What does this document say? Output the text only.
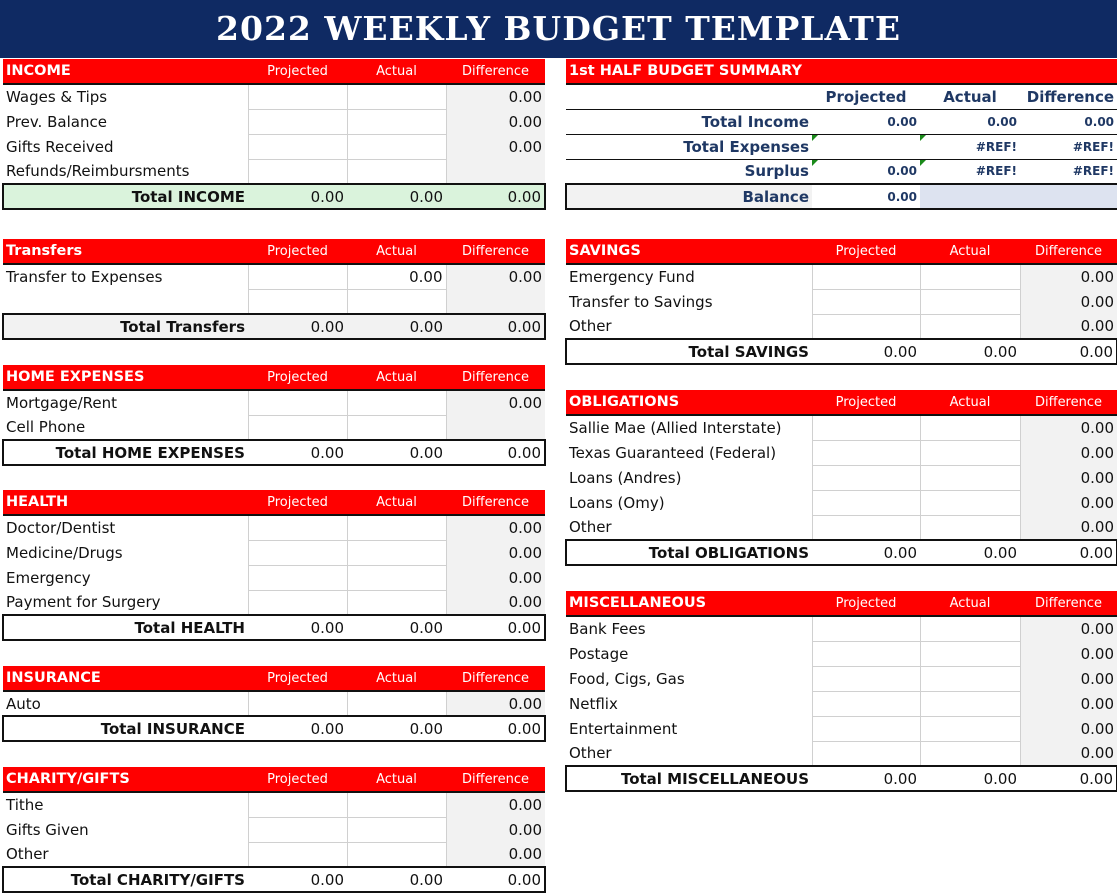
2022 WEEKLY BUDGET TEMPLATE
INCOME	Projected	Actual	Difference
Wages & Tips			0.00
Prev. Balance			0.00
Gifts Received			0.00
Refunds/Reimbursments			
Total INCOME	0.00	0.00	0.00
Transfers	Projected	Actual	Difference
Transfer to Expenses		0.00	0.00

Total Transfers	0.00	0.00	0.00
HOME EXPENSES	Projected	Actual	Difference
Mortgage/Rent			0.00
Cell Phone			
Total HOME EXPENSES	0.00	0.00	0.00
HEALTH	Projected	Actual	Difference
Doctor/Dentist			0.00
Medicine/Drugs			0.00
Emergency			0.00
Payment for Surgery			0.00
Total HEALTH	0.00	0.00	0.00
INSURANCE	Projected	Actual	Difference
Auto			0.00
Total INSURANCE	0.00	0.00	0.00
CHARITY/GIFTS	Projected	Actual	Difference
Tithe			0.00
Gifts Given			0.00
Other			0.00
Total CHARITY/GIFTS	0.00	0.00	0.00
1st HALF BUDGET SUMMARY			
	Projected	Actual	Difference
Total Income	0.00	0.00	0.00
Total Expenses		#REF!	#REF!
Surplus	0.00	#REF!	#REF!
Balance	0.00		
SAVINGS	Projected	Actual	Difference
Emergency Fund			0.00
Transfer to Savings			0.00
Other			0.00
Total SAVINGS	0.00	0.00	0.00
OBLIGATIONS	Projected	Actual	Difference
Sallie Mae (Allied Interstate)			0.00
Texas Guaranteed (Federal)			0.00
Loans (Andres)			0.00
Loans (Omy)			0.00
Other			0.00
Total OBLIGATIONS	0.00	0.00	0.00
MISCELLANEOUS	Projected	Actual	Difference
Bank Fees			0.00
Postage			0.00
Food, Cigs, Gas			0.00
Netflix			0.00
Entertainment			0.00
Other			0.00
Total MISCELLANEOUS	0.00	0.00	0.00
